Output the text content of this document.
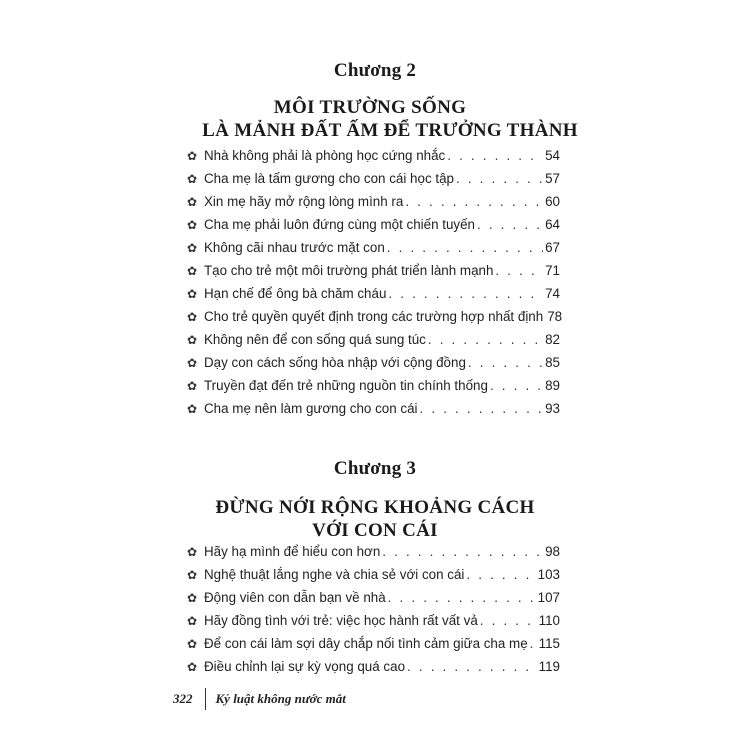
Chương 2
MÔI TRƯỜNG SỐNG
LÀ MẢNH ĐẤT ẤM ĐỂ TRƯỞNG THÀNH
✿ Nhà không phải là phòng học cứng nhắc . . .	54
✿ Cha mẹ là tấm gương cho con cái học tập . . .	57
✿ Xin mẹ hãy mở rộng lòng mình ra . . .	60
✿ Cha mẹ phải luôn đứng cùng một chiến tuyến . . .	64
✿ Không cãi nhau trước mặt con . . .	67
✿ Tạo cho trẻ một môi trường phát triển lành mạnh . . .	71
✿ Hạn chế để ông bà chăm cháu . . .	74
✿ Cho trẻ quyền quyết định trong các trường hợp nhất định 78
✿ Không nên để con sống quá sung túc . . .	82
✿ Dạy con cách sống hòa nhập với cộng đồng . . .	85
✿ Truyền đạt đến trẻ những nguồn tin chính thống . . .	89
✿ Cha mẹ nên làm gương cho con cái . . .	93
Chương 3
ĐỪNG NỚI RỘNG KHOẢNG CÁCH
VỚI CON CÁI
✿ Hãy hạ mình để hiểu con hơn . . .	98
✿ Nghệ thuật lắng nghe và chia sẻ với con cái . . .	103
✿ Động viên con dẫn bạn về nhà . . .	107
✿ Hãy đồng tình với trẻ: việc học hành rất vất vả . . .	110
✿ Để con cái làm sợi dây chắp nối tình cảm giữa cha mẹ . . . 115
✿ Điều chỉnh lại sự kỳ vọng quá cao . . .	119
322 Kỷ luật không nước mắt
